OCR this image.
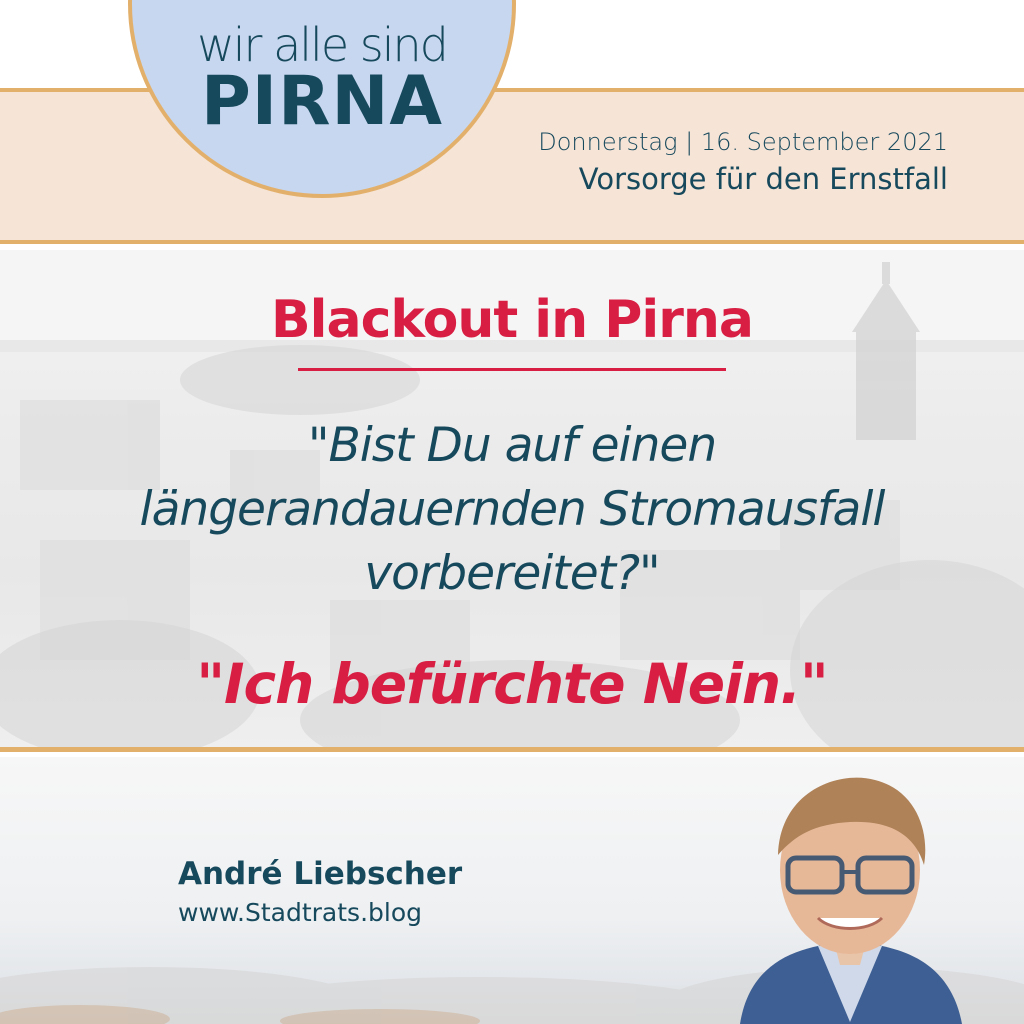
wir alle sind
PIRNA
Donnerstag | 16. September 2021
Vorsorge für den Ernstfall
Blackout in Pirna
"Bist Du auf einen
längerandauernden Stromausfall
vorbereitet?"
"Ich befürchte Nein."
André Liebscher
www.Stadtrats.blog
